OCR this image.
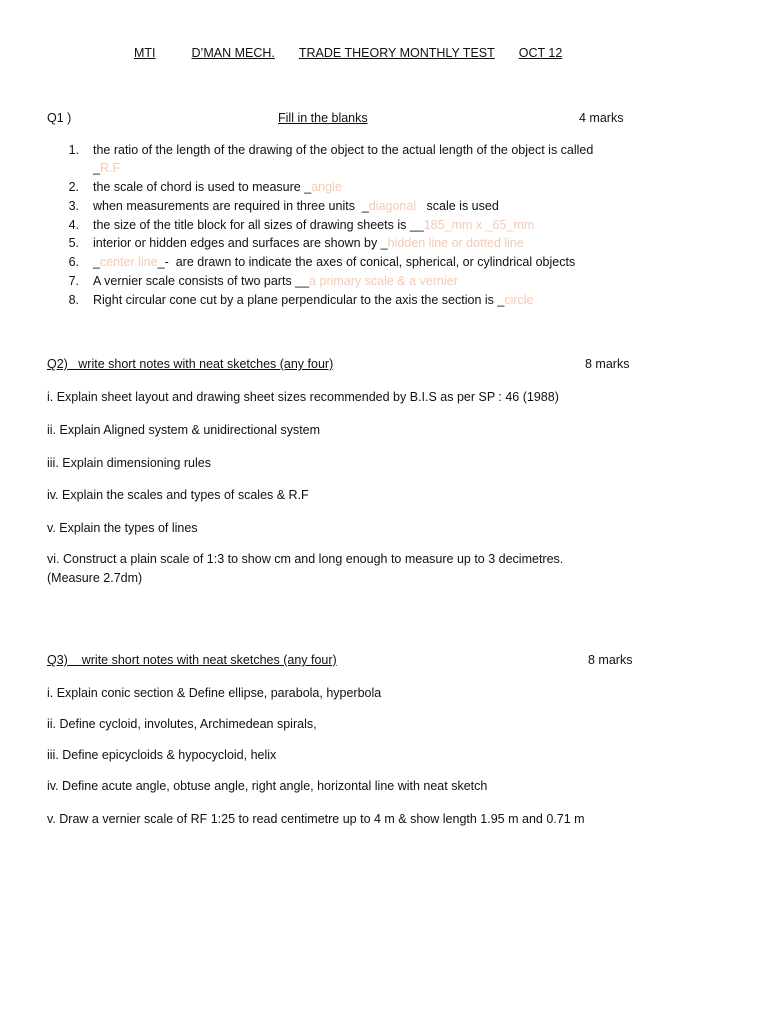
MTI	D’MAN MECH. TRADE THEORY MONTHLY TEST OCT 12
Q1 )	Fill in the blanks	4 marks
1. the ratio of the length of the drawing of the object to the actual length of the object is called
_R.F
2. the scale of chord is used to measure _angle
3. when measurements are required in three units  _diagonal   scale is used
4. the size of the title block for all sizes of drawing sheets is __185_mm x _65_mm
5. interior or hidden edges and surfaces are shown by _hidden line or dotted line
6. _center line_-  are drawn to indicate the axes of conical, spherical, or cylindrical objects
7. A vernier scale consists of two parts __a primary scale & a vernier
8. Right circular cone cut by a plane perpendicular to the axis the section is _circle
Q2)   write short notes with neat sketches (any four)	8 marks
i. Explain sheet layout and drawing sheet sizes recommended by B.I.S as per SP : 46 (1988)
ii. Explain Aligned system & unidirectional system
iii. Explain dimensioning rules
iv. Explain the scales and types of scales & R.F
v. Explain the types of lines
vi. Construct a plain scale of 1:3 to show cm and long enough to measure up to 3 decimetres.
(Measure 2.7dm)
Q3)    write short notes with neat sketches (any four)	8 marks
i. Explain conic section & Define ellipse, parabola, hyperbola
ii. Define cycloid, involutes, Archimedean spirals,
iii. Define epicycloids & hypocycloid, helix
iv. Define acute angle, obtuse angle, right angle, horizontal line with neat sketch
v. Draw a vernier scale of RF 1:25 to read centimetre up to 4 m & show length 1.95 m and 0.71 m
